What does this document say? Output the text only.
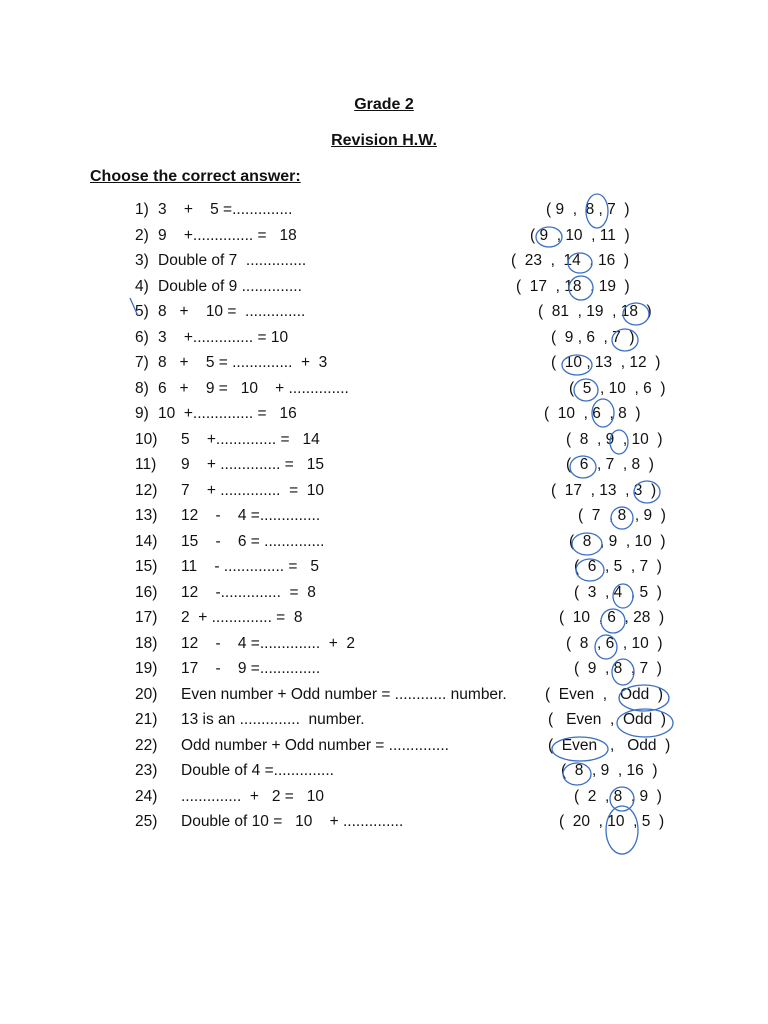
Grade 2
Revision H.W.
Choose the correct answer:

1)

3    +    5 =..............

	( 9  ,  8 , 7  )

2)

9    +.............. =   18

	( 9  , 10  , 11  )

3)

Double of 7  ..............

	(  23  ,  14  , 16  )

4)

Double of 9 ..............

	(  17  , 18  , 19  )

5)

8   +    10 =  ..............

	(  81  , 19  , 18  )

6)

3    +.............. = 10

	(  9 , 6  , 7  )

7)

8   +    5 = ..............  +  3

	(  10 , 13  , 12  )

8)

6   +    9 =   10    + ..............

	(  5  , 10  , 6  )

9)

10  +.............. =   16

	(  10  , 6  , 8  )

10)

5    +.............. =   14

	(  8  , 9  , 10  )

11)

9    + .............. =   15

	(  6  , 7  , 8  )

12)

7    + ..............  =  10

	(  17  , 13  , 3  )

13)

12    -    4 =..............

	(  7  , 8  , 9  )

14)

15    -    6 = ..............

	(  8  , 9  , 10  )

15)

11    - .............. =   5

	(  6  , 5  , 7  )

16)

12    -..............  =  8

	(  3  , 4  , 5  )

17)

2  + .............. =  8

	(  10  , 6  , 28  )

18)

12    -    4 =..............  +  2

	(  8  , 6  , 10  )

19)

17    -    9 =..............

	(  9  , 8  , 7  )

20)

Even number + Odd number = ............ number.

(  Even  ,   Odd  )

21)

13 is an ..............  number.

	(   Even  ,  Odd  )

22)

Odd number + Odd number = ..............

	(  Even   ,   Odd  )

23)

Double of 4 =..............

	(  8  , 9  , 16  )

24)

..............  +   2 =   10

	(  2  , 8  , 9  )

25)

Double of 10 =   10    + ..............

	(  20  , 10  , 5  )
